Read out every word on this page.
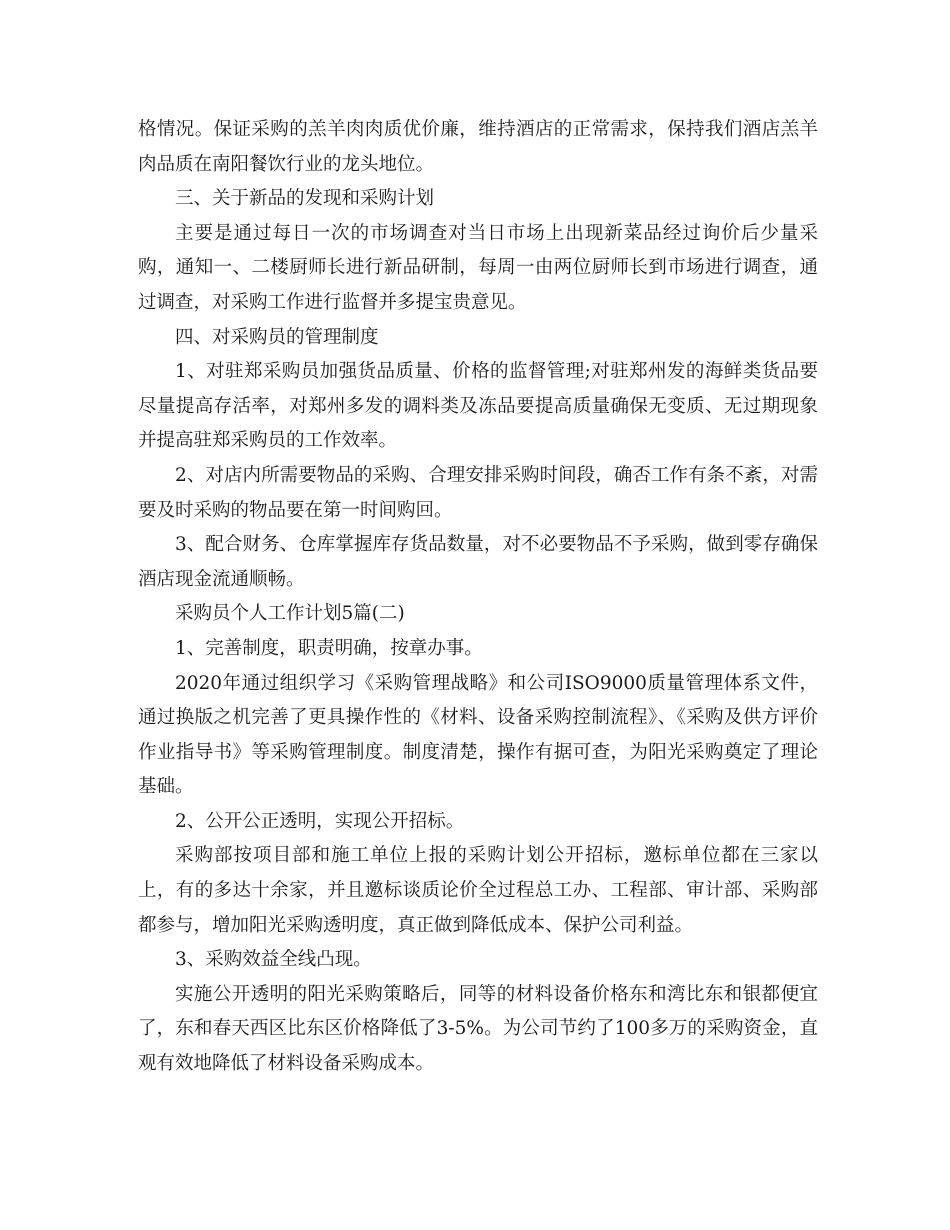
格情况。保证采购的羔羊肉肉质优价廉，维持酒店的正常需求，保持我们酒店羔羊肉品质在南阳餐饮行业的龙头地位。

三、关于新品的发现和采购计划

主要是通过每日一次的市场调查对当日市场上出现新菜品经过询价后少量采购，通知一、二楼厨师长进行新品研制，每周一由两位厨师长到市场进行调查，通过调查，对采购工作进行监督并多提宝贵意见。

四、对采购员的管理制度

1、对驻郑采购员加强货品质量、价格的监督管理;对驻郑州发的海鲜类货品要尽量提高存活率，对郑州多发的调料类及冻品要提高质量确保无变质、无过期现象并提高驻郑采购员的工作效率。

2、对店内所需要物品的采购、合理安排采购时间段，确否工作有条不紊，对需要及时采购的物品要在第一时间购回。

3、配合财务、仓库掌握库存货品数量，对不必要物品不予采购，做到零存确保酒店现金流通顺畅。

采购员个人工作计划5篇(二)

1、完善制度，职责明确，按章办事。

2020年通过组织学习《采购管理战略》和公司ISO9000质量管理体系文件，通过换版之机完善了更具操作性的《材料、设备采购控制流程》、《采购及供方评价作业指导书》等采购管理制度。制度清楚，操作有据可查，为阳光采购奠定了理论基础。

2、公开公正透明，实现公开招标。

采购部按项目部和施工单位上报的采购计划公开招标，邀标单位都在三家以上，有的多达十余家，并且邀标谈质论价全过程总工办、工程部、审计部、采购部都参与，增加阳光采购透明度，真正做到降低成本、保护公司利益。

3、采购效益全线凸现。

实施公开透明的阳光采购策略后，同等的材料设备价格东和湾比东和银都便宜了，东和春天西区比东区价格降低了3-5%。为公司节约了100多万的采购资金，直观有效地降低了材料设备采购成本。
